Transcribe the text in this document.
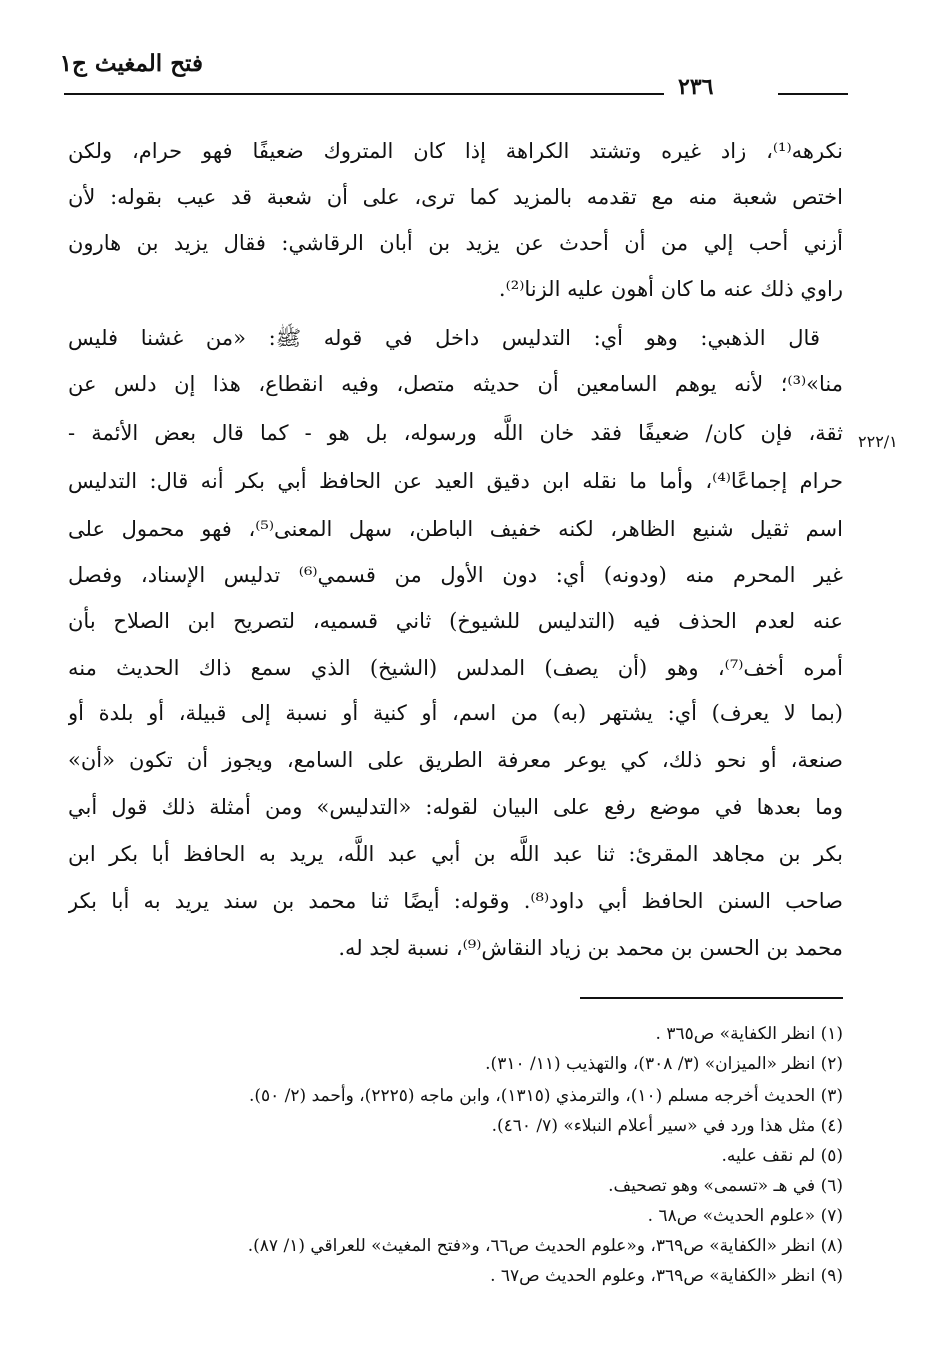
فتح المغيث ج١
٢٣٦
٢٢٢/١
نكرهه⁽¹⁾، زاد غيره وتشتد الكراهة إذا كان المتروك ضعيفًا فهو حرام، ولكن
اختص شعبة منه مع تقدمه بالمزيد كما ترى، على أن شعبة قد عيب بقوله: لأن
أزني أحب إلي من أن أحدث عن يزيد بن أبان الرقاشي: فقال يزيد بن هارون
راوي ذلك عنه ما كان أهون عليه الزنا⁽²⁾.
قال الذهبي: وهو أي: التدليس داخل في قوله ﷺ: «من غشنا فليس
منا»⁽³⁾؛ لأنه يوهم السامعين أن حديثه متصل، وفيه انقطاع، هذا إن دلس عن
ثقة، فإن كان/ ضعيفًا فقد خان اللَّه ورسوله، بل هو - كما قال بعض الأئمة -
حرام إجماعًا⁽⁴⁾، وأما ما نقله ابن دقيق العيد عن الحافظ أبي بكر أنه قال: التدليس
اسم ثقيل شنيع الظاهر، لكنه خفيف الباطن، سهل المعنى⁽⁵⁾، فهو محمول على
غير المحرم منه (ودونه) أي: دون الأول من قسمي⁽⁶⁾ تدليس الإسناد، وفصل
عنه لعدم الحذف فيه (التدليس للشيوخ) ثاني قسميه، لتصريح ابن الصلاح بأن
أمره أخف⁽⁷⁾، وهو (أن يصف) المدلس (الشيخ) الذي سمع ذاك الحديث منه
(بما لا يعرف) أي: يشتهر (به) من اسم، أو كنية أو نسبة إلى قبيلة، أو بلدة أو
صنعة، أو نحو ذلك، كي يوعر معرفة الطريق على السامع، ويجوز أن تكون «أن»
وما بعدها في موضع رفع على البيان لقوله: «التدليس» ومن أمثلة ذلك قول أبي
بكر بن مجاهد المقرئ: ثنا عبد اللَّه بن أبي عبد اللَّه، يريد به الحافظ أبا بكر ابن
صاحب السنن الحافظ أبي داود⁽⁸⁾. وقوله: أيضًا ثنا محمد بن سند يريد به أبا بكر
محمد بن الحسن بن محمد بن زياد النقاش⁽⁹⁾، نسبة لجد له.
(١) انظر الكفاية» ص٣٦٥ .
(٢) انظر «الميزان» (٣/ ٣٠٨)، والتهذيب (١١/ ٣١٠).
(٣) الحديث أخرجه مسلم (١٠)، والترمذي (١٣١٥)، وابن ماجه (٢٢٢٥)، وأحمد (٢/ ٥٠).
(٤) مثل هذا ورد في «سير أعلام النبلاء» (٧/ ٤٦٠).
(٥) لم نقف عليه.
(٦) في هـ «تسمى» وهو تصحيف.
(٧) «علوم الحديث» ص٦٨ .
(٨) انظر «الكفاية» ص٣٦٩، و«علوم الحديث ص٦٦، و«فتح المغيث» للعراقي (١/ ٨٧).
(٩) انظر «الكفاية» ص٣٦٩، وعلوم الحديث ص٦٧ .
